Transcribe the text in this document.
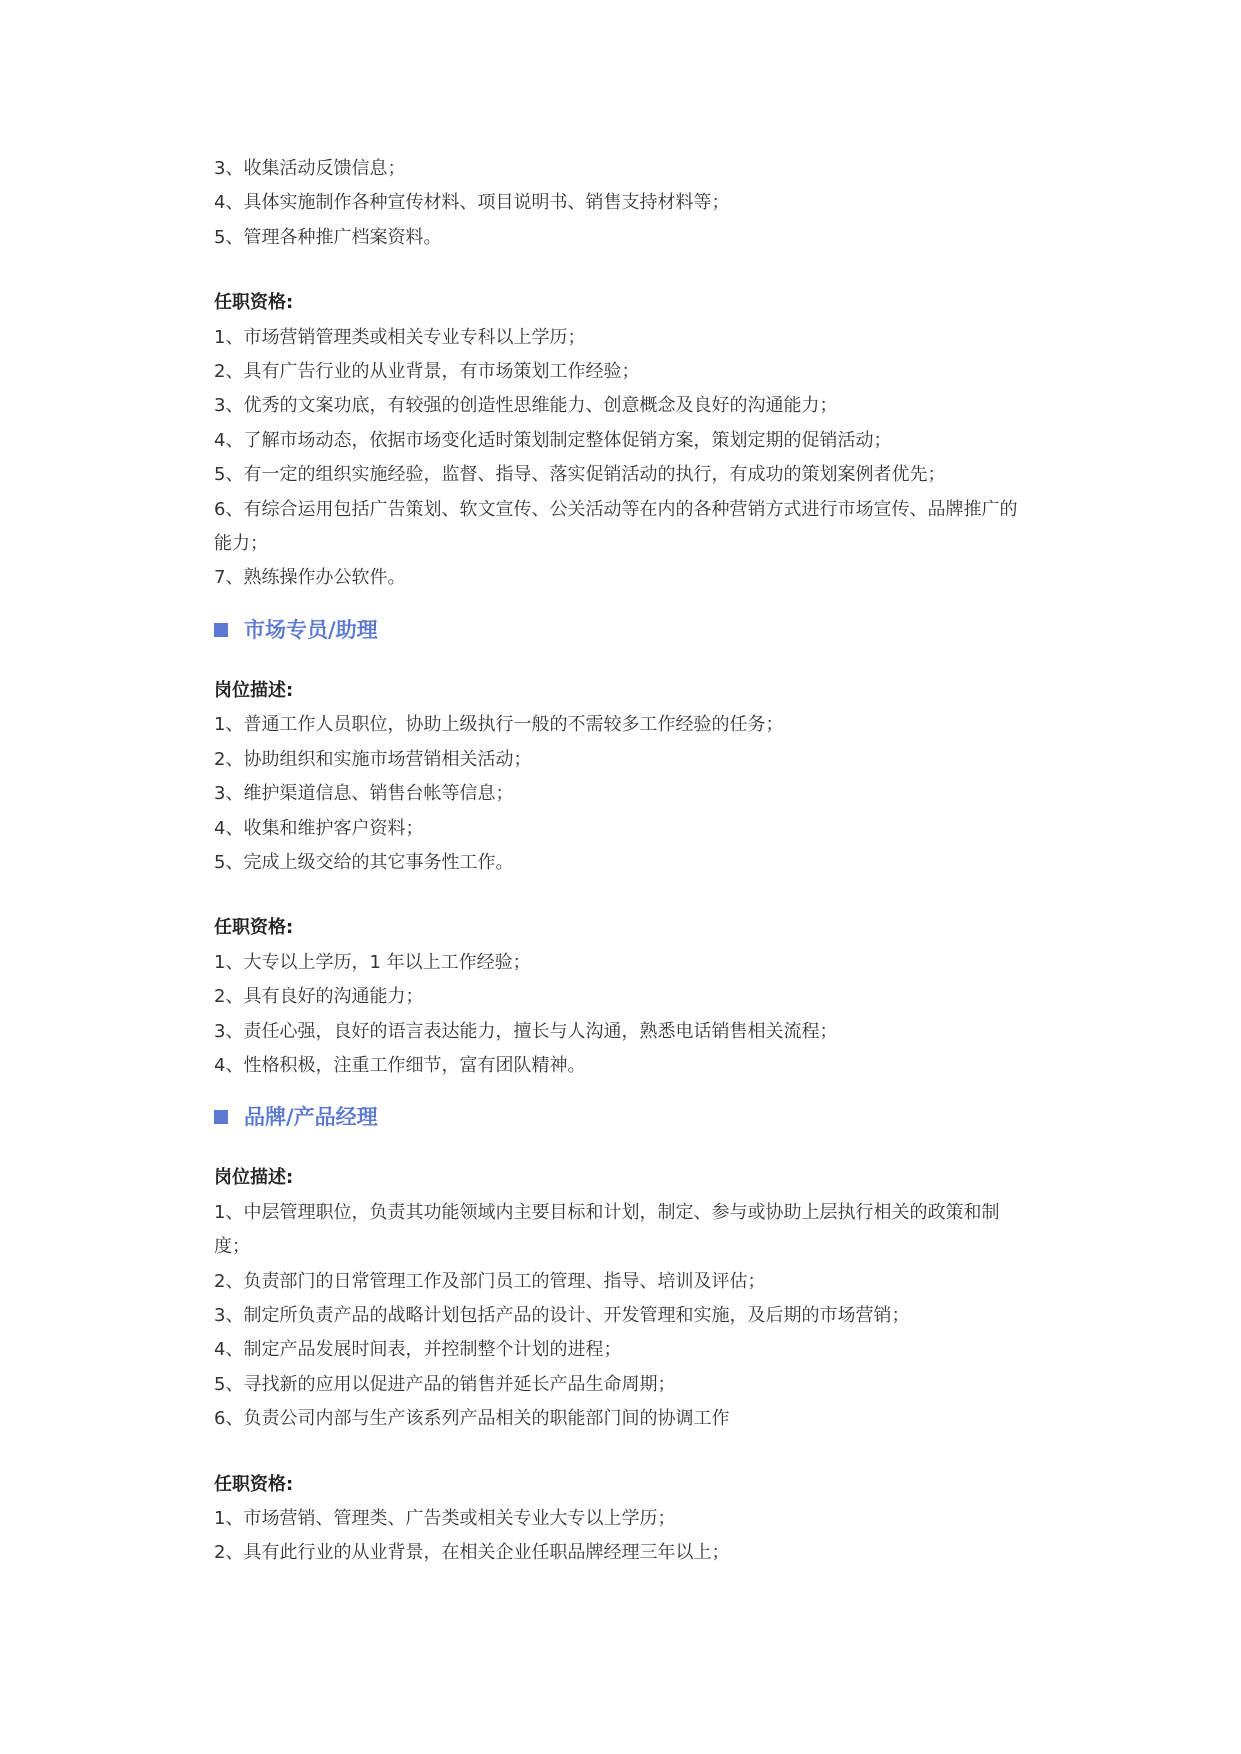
3、收集活动反馈信息；

4、具体实施制作各种宣传材料、项目说明书、销售支持材料等；

5、管理各种推广档案资料。

任职资格:

1、市场营销管理类或相关专业专科以上学历；

2、具有广告行业的从业背景，有市场策划工作经验；

3、优秀的文案功底，有较强的创造性思维能力、创意概念及良好的沟通能力；

4、了解市场动态，依据市场变化适时策划制定整体促销方案，策划定期的促销活动；

5、有一定的组织实施经验，监督、指导、落实促销活动的执行，有成功的策划案例者优先；

6、有综合运用包括广告策划、软文宣传、公关活动等在内的各种营销方式进行市场宣传、品牌推广的能力；

7、熟练操作办公软件。

市场专员/助理

岗位描述:

1、普通工作人员职位，协助上级执行一般的不需较多工作经验的任务；

2、协助组织和实施市场营销相关活动；

3、维护渠道信息、销售台帐等信息；

4、收集和维护客户资料；

5、完成上级交给的其它事务性工作。

任职资格:

1、大专以上学历，1 年以上工作经验；

2、具有良好的沟通能力；

3、责任心强，良好的语言表达能力，擅长与人沟通，熟悉电话销售相关流程；

4、性格积极，注重工作细节，富有团队精神。

品牌/产品经理

岗位描述:

1、中层管理职位，负责其功能领域内主要目标和计划，制定、参与或协助上层执行相关的政策和制度；

2、负责部门的日常管理工作及部门员工的管理、指导、培训及评估；

3、制定所负责产品的战略计划包括产品的设计、开发管理和实施，及后期的市场营销；

4、制定产品发展时间表，并控制整个计划的进程；

5、寻找新的应用以促进产品的销售并延长产品生命周期；

6、负责公司内部与生产该系列产品相关的职能部门间的协调工作

任职资格:

1、市场营销、管理类、广告类或相关专业大专以上学历；

2、具有此行业的从业背景，在相关企业任职品牌经理三年以上；
